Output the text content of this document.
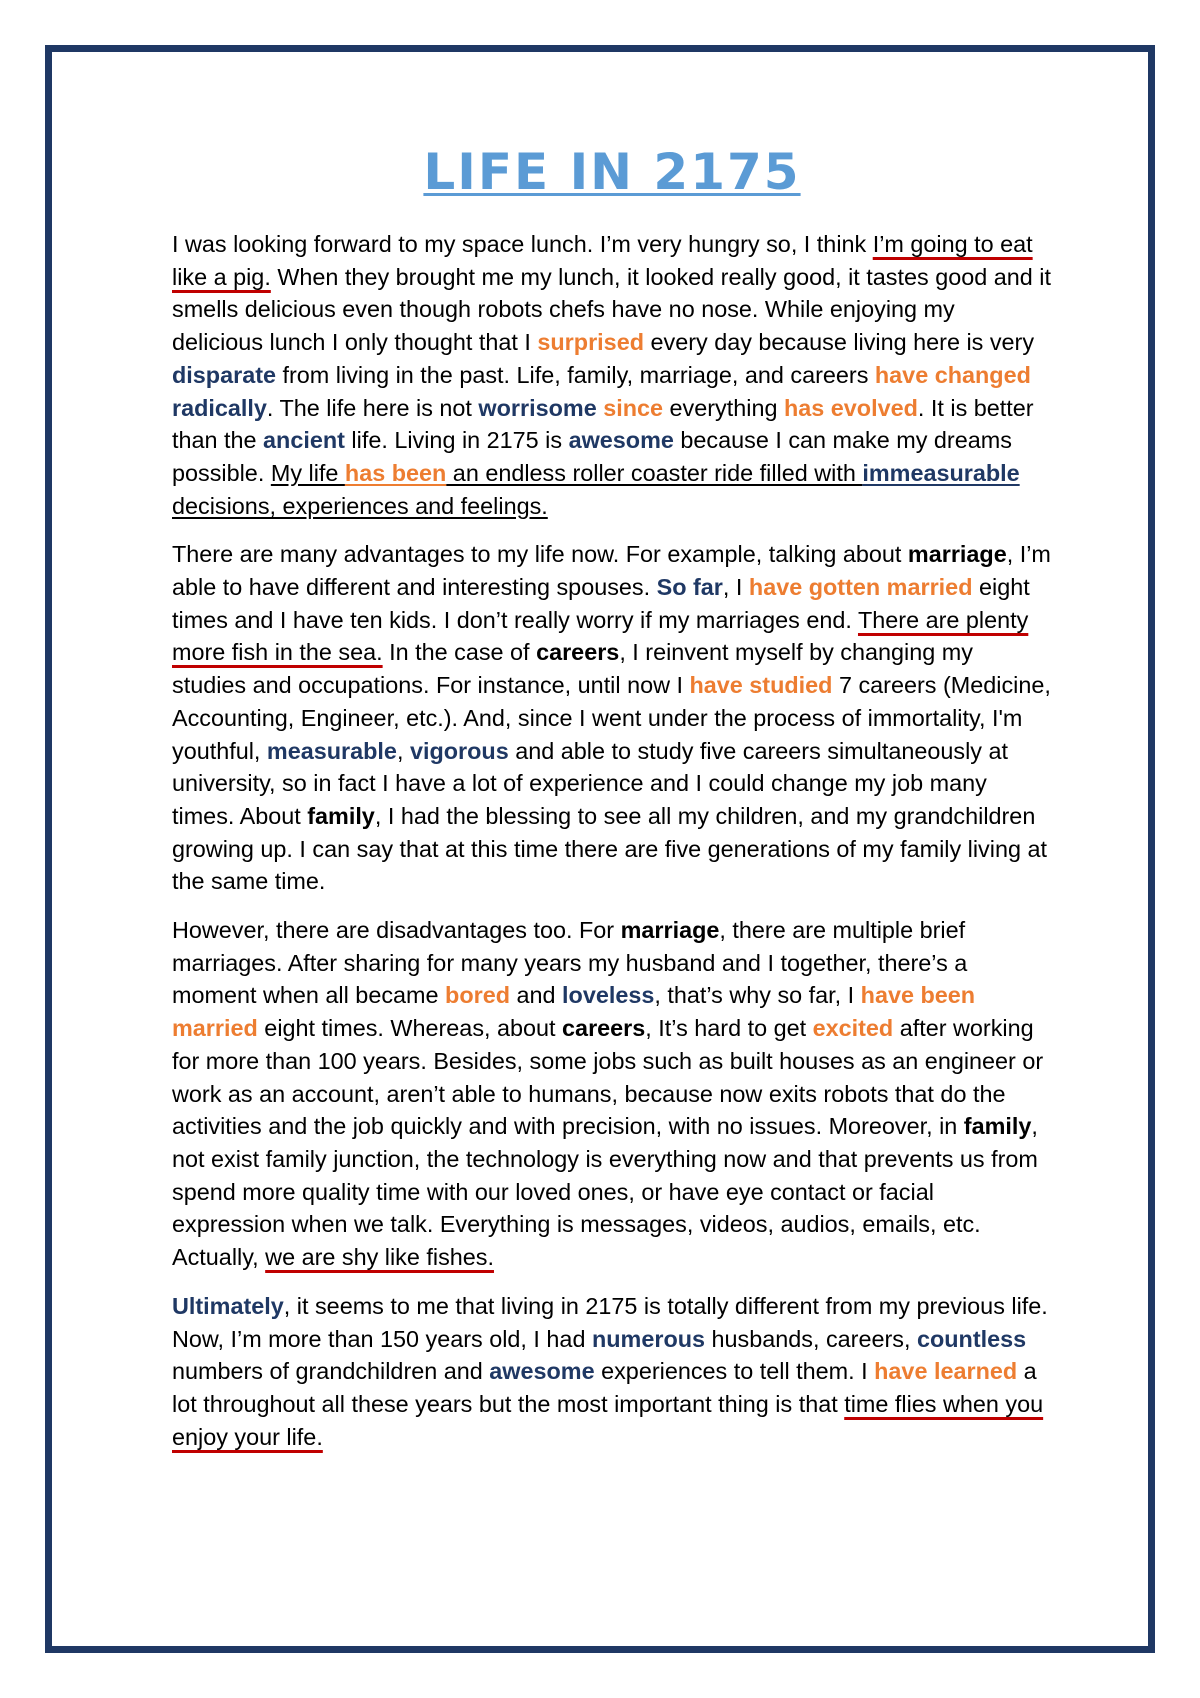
LIFE IN 2175

I was looking forward to my space lunch. I’m very hungry so, I think I’m going to eat like a pig. When they brought me my lunch, it looked really good, it tastes good and it smells delicious even though robots chefs have no nose. While enjoying my delicious lunch I only thought that I surprised every day because living here is very disparate from living in the past. Life, family, marriage, and careers have changed radically. The life here is not worrisome since everything has evolved. It is better than the ancient life. Living in 2175 is awesome because I can make my dreams possible. My life has been an endless roller coaster ride filled with immeasurable decisions, experiences and feelings.

There are many advantages to my life now. For example, talking about marriage, I’m able to have different and interesting spouses. So far, I have gotten married eight times and I have ten kids. I don’t really worry if my marriages end. There are plenty more fish in the sea. In the case of careers, I reinvent myself by changing my studies and occupations. For instance, until now I have studied 7 careers (Medicine, Accounting, Engineer, etc.). And, since I went under the process of immortality, I'm youthful, measurable, vigorous and able to study five careers simultaneously at university, so in fact I have a lot of experience and I could change my job many times. About family, I had the blessing to see all my children, and my grandchildren growing up. I can say that at this time there are five generations of my family living at the same time.

However, there are disadvantages too. For marriage, there are multiple brief marriages. After sharing for many years my husband and I together, there’s a moment when all became bored and loveless, that’s why so far, I have been married eight times. Whereas, about careers, It’s hard to get excited after working for more than 100 years. Besides, some jobs such as built houses as an engineer or work as an account, aren’t able to humans, because now exits robots that do the activities and the job quickly and with precision, with no issues. Moreover, in family, not exist family junction, the technology is everything now and that prevents us from spend more quality time with our loved ones, or have eye contact or facial expression when we talk. Everything is messages, videos, audios, emails, etc. Actually, we are shy like fishes.

Ultimately, it seems to me that living in 2175 is totally different from my previous life. Now, I’m more than 150 years old, I had numerous husbands, careers, countless numbers of grandchildren and awesome experiences to tell them. I have learned a lot throughout all these years but the most important thing is that time flies when you enjoy your life.
